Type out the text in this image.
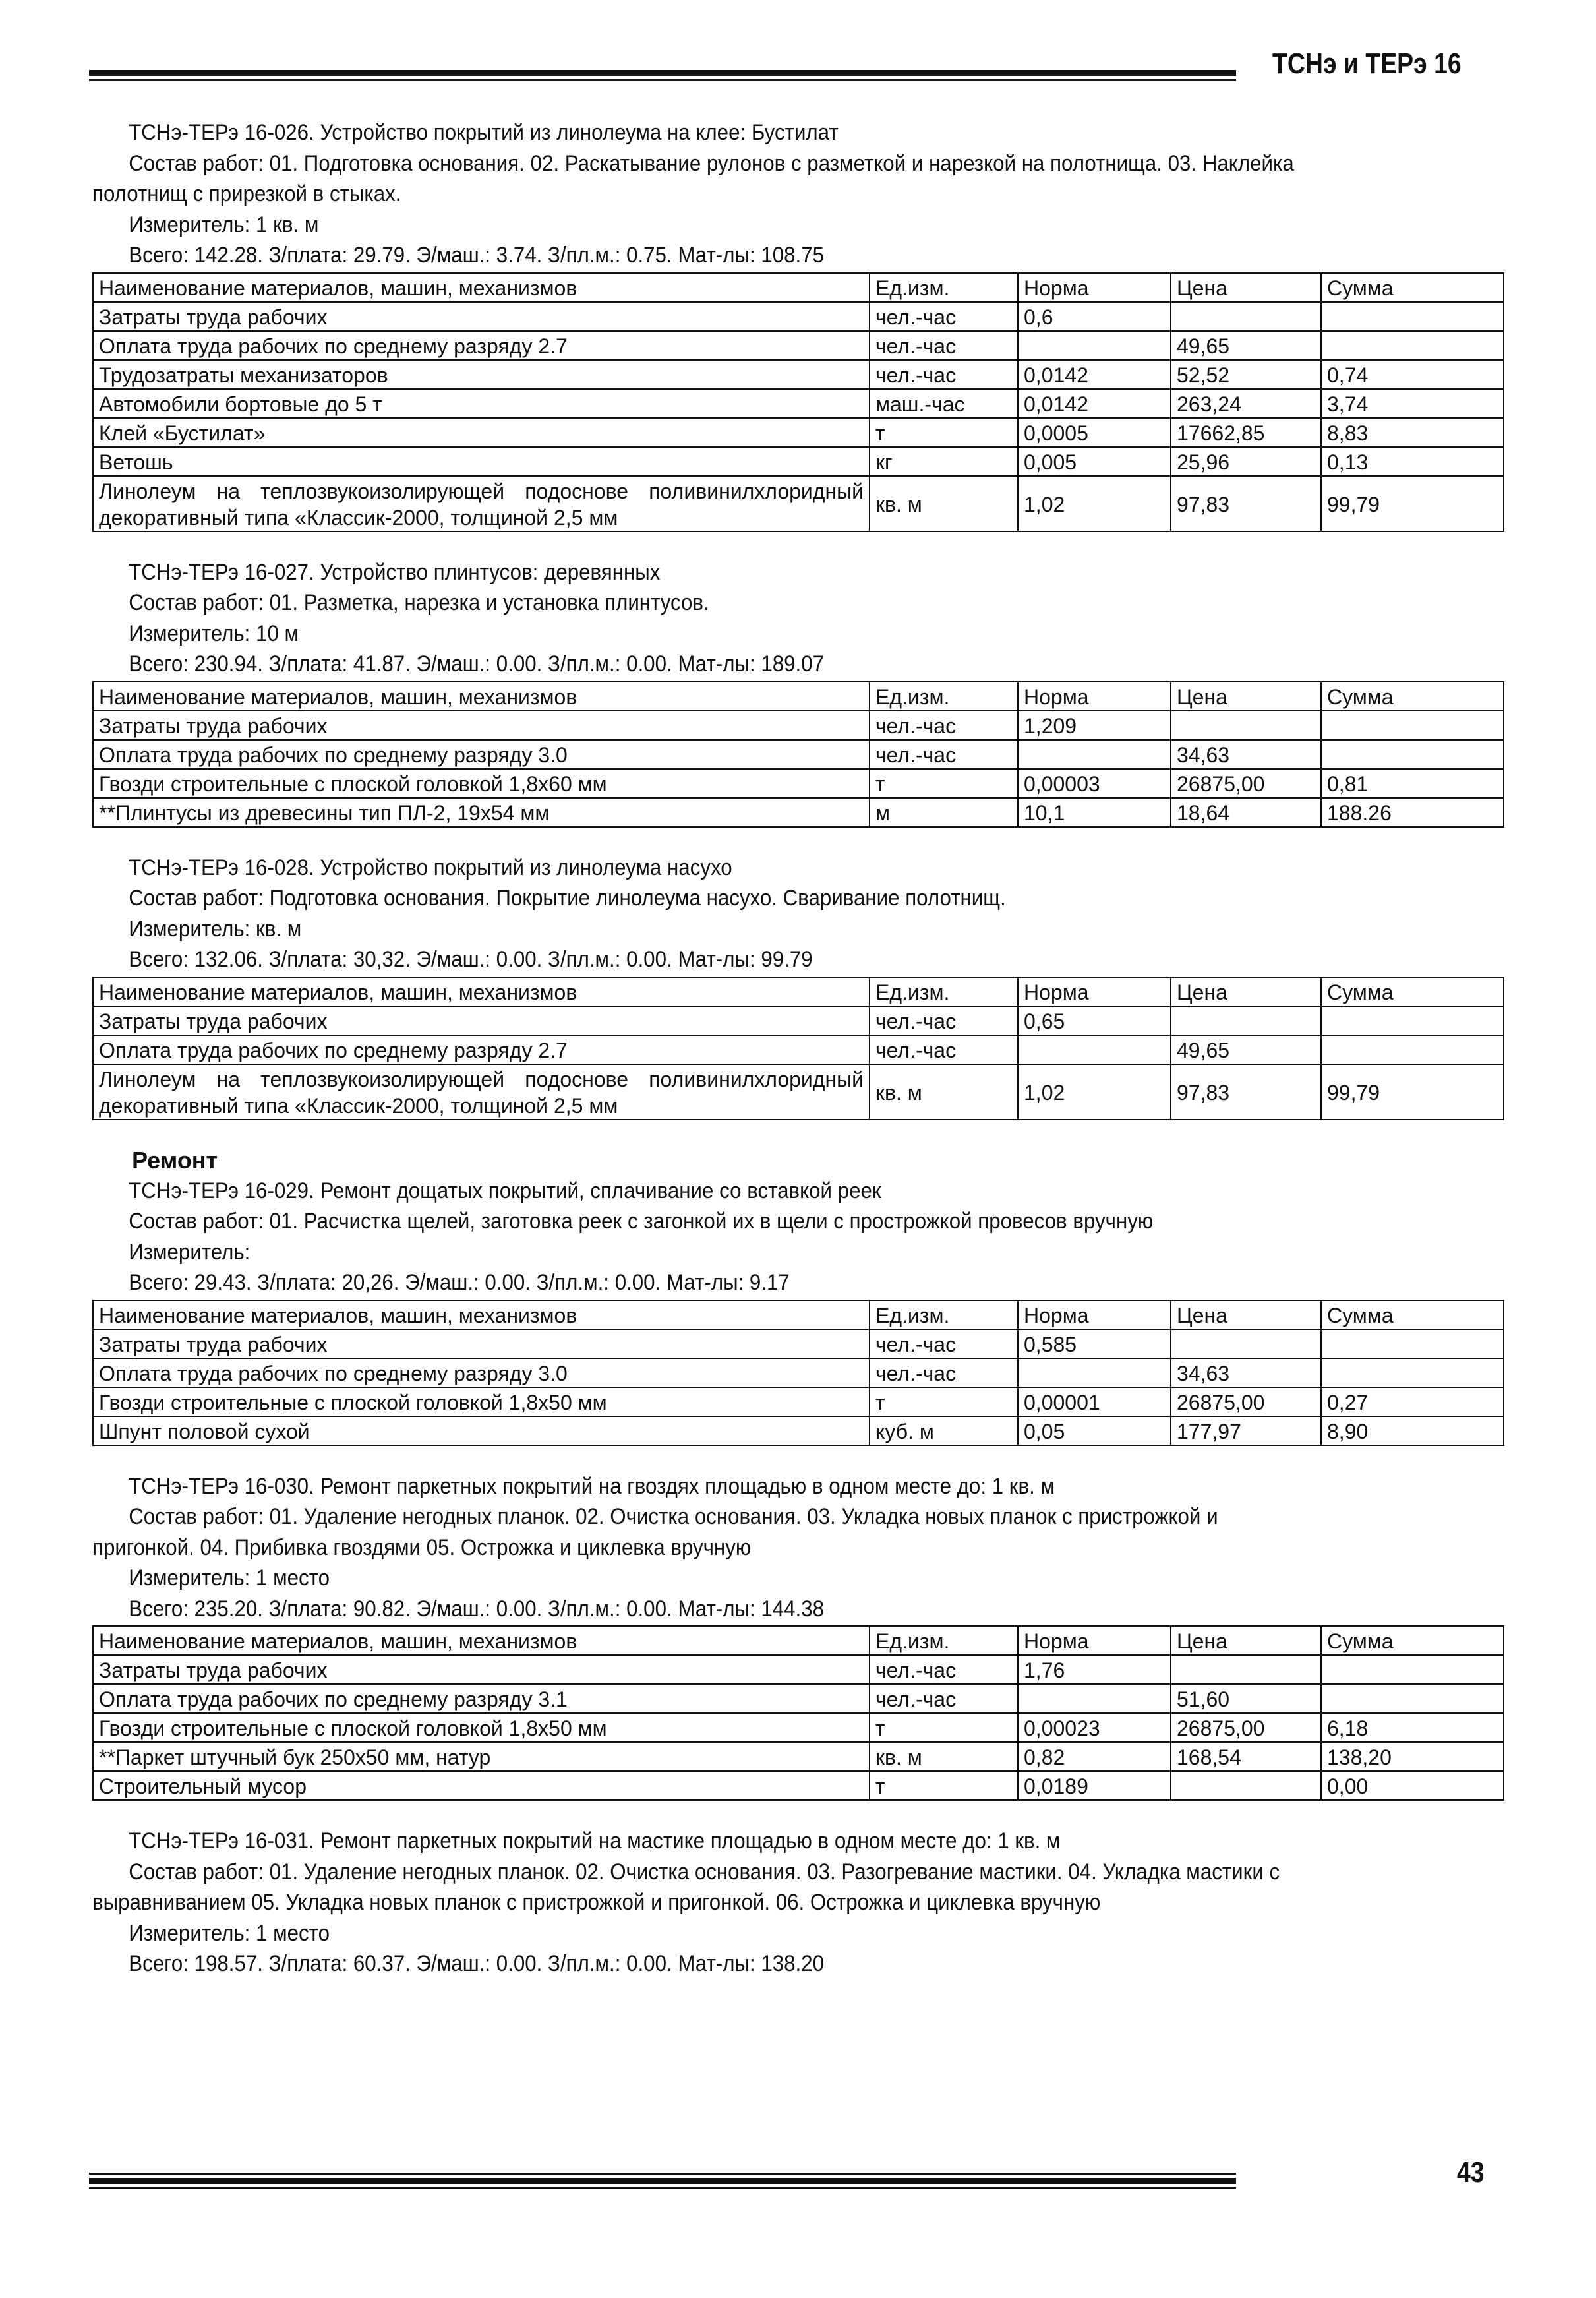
ТСНэ и ТЕРэ 16
ТСНэ-ТЕРэ 16-026. Устройство покрытий из линолеума на клее: Бустилат
Состав работ: 01. Подготовка основания. 02. Раскатывание рулонов с разметкой и нарезкой на полотнища. 03. Наклейка
полотнищ с прирезкой в стыках.
Измеритель: 1 кв. м
Всего: 142.28. З/плата: 29.79. Э/маш.: 3.74. З/пл.м.: 0.75. Мат-лы: 108.75
Наименование материалов, машин, механизмов	Ед.изм.	Норма	Цена	Сумма
Затраты труда рабочих	чел.-час	0,6		
Оплата труда рабочих по среднему разряду 2.7	чел.-час		49,65	
Трудозатраты механизаторов	чел.-час	0,0142	52,52	0,74
Автомобили бортовые до 5 т	маш.-час	0,0142	263,24	3,74
Клей «Бустилат»	т	0,0005	17662,85	8,83
Ветошь	кг	0,005	25,96	0,13
Линолеум на теплозвукоизолирующей подоснове поливинилхлоридный декоративный типа «Классик-2000, толщиной 2,5 мм	кв. м	1,02	97,83	99,79
ТСНэ-ТЕРэ 16-027. Устройство плинтусов: деревянных
Состав работ: 01. Разметка, нарезка и установка плинтусов.
Измеритель: 10 м
Всего: 230.94. З/плата: 41.87. Э/маш.: 0.00. З/пл.м.: 0.00. Мат-лы: 189.07
Наименование материалов, машин, механизмов	Ед.изм.	Норма	Цена	Сумма
Затраты труда рабочих	чел.-час	1,209		
Оплата труда рабочих по среднему разряду 3.0	чел.-час		34,63	
Гвозди строительные с плоской головкой 1,8x60 мм	т	0,00003	26875,00	0,81
**Плинтусы из древесины тип ПЛ-2, 19x54 мм	м	10,1	18,64	188.26
ТСНэ-ТЕРэ 16-028. Устройство покрытий из линолеума насухо
Состав работ: Подготовка основания. Покрытие линолеума насухо. Сваривание полотнищ.
Измеритель: кв. м
Всего: 132.06. З/плата: 30,32. Э/маш.: 0.00. З/пл.м.: 0.00. Мат-лы: 99.79
Наименование материалов, машин, механизмов	Ед.изм.	Норма	Цена	Сумма
Затраты труда рабочих	чел.-час	0,65		
Оплата труда рабочих по среднему разряду 2.7	чел.-час		49,65	
Линолеум на теплозвукоизолирующей подоснове поливинилхлоридный декоративный типа «Классик-2000, толщиной 2,5 мм	кв. м	1,02	97,83	99,79
Ремонт
ТСНэ-ТЕРэ 16-029. Ремонт дощатых покрытий, сплачивание со вставкой реек
Состав работ: 01. Расчистка щелей, заготовка реек с загонкой их в щели с прострожкой провесов вручную
Измеритель:
Всего: 29.43. З/плата: 20,26. Э/маш.: 0.00. З/пл.м.: 0.00. Мат-лы: 9.17
Наименование материалов, машин, механизмов	Ед.изм.	Норма	Цена	Сумма
Затраты труда рабочих	чел.-час	0,585		
Оплата труда рабочих по среднему разряду 3.0	чел.-час		34,63	
Гвозди строительные с плоской головкой 1,8x50 мм	т	0,00001	26875,00	0,27
Шпунт половой сухой	куб. м	0,05	177,97	8,90
ТСНэ-ТЕРэ 16-030. Ремонт паркетных покрытий на гвоздях площадью в одном месте до: 1 кв. м
Состав работ: 01. Удаление негодных планок. 02. Очистка основания. 03. Укладка новых планок с пристрожкой и
пригонкой. 04. Прибивка гвоздями 05. Острожка и циклевка вручную
Измеритель: 1 место
Всего: 235.20. З/плата: 90.82. Э/маш.: 0.00. З/пл.м.: 0.00. Мат-лы: 144.38
Наименование материалов, машин, механизмов	Ед.изм.	Норма	Цена	Сумма
Затраты труда рабочих	чел.-час	1,76		
Оплата труда рабочих по среднему разряду 3.1	чел.-час		51,60	
Гвозди строительные с плоской головкой 1,8x50 мм	т	0,00023	26875,00	6,18
**Паркет штучный бук 250x50 мм, натур	кв. м	0,82	168,54	138,20
Строительный мусор	т	0,0189		0,00
ТСНэ-ТЕРэ 16-031. Ремонт паркетных покрытий на мастике площадью в одном месте до: 1 кв. м
Состав работ: 01. Удаление негодных планок. 02. Очистка основания. 03. Разогревание мастики. 04. Укладка мастики с
выравниванием 05. Укладка новых планок с пристрожкой и пригонкой. 06. Острожка и циклевка вручную
Измеритель: 1 место
Всего: 198.57. З/плата: 60.37. Э/маш.: 0.00. З/пл.м.: 0.00. Мат-лы: 138.20
43
